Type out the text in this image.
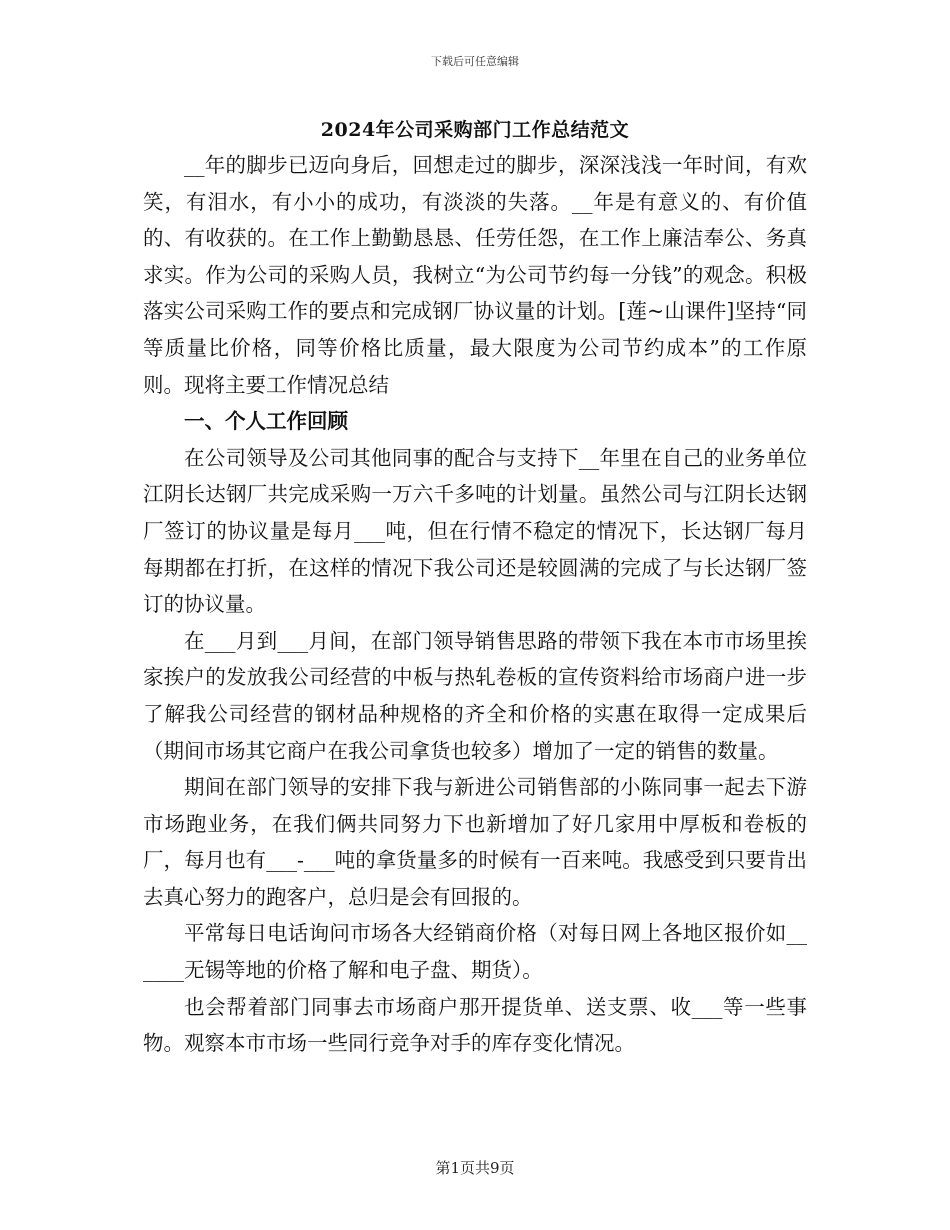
下载后可任意编辑
2024年公司采购部门工作总结范文

__年的脚步已迈向身后，回想走过的脚步，深深浅浅一年时间，有欢笑，有泪水，有小小的成功，有淡淡的失落。__年是有意义的、有价值的、有收获的。在工作上勤勤恳恳、任劳任怨，在工作上廉洁奉公、务真求实。作为公司的采购人员，我树立“为公司节约每一分钱”的观念。积极落实公司采购工作的要点和完成钢厂协议量的计划。[莲~山课件]坚持“同等质量比价格，同等价格比质量，最大限度为公司节约成本”的工作原则。现将主要工作情况总结

一、个人工作回顾

在公司领导及公司其他同事的配合与支持下__年里在自己的业务单位江阴长达钢厂共完成采购一万六千多吨的计划量。虽然公司与江阴长达钢厂签订的协议量是每月___吨，但在行情不稳定的情况下，长达钢厂每月每期都在打折，在这样的情况下我公司还是较圆满的完成了与长达钢厂签订的协议量。

在___月到___月间，在部门领导销售思路的带领下我在本市市场里挨家挨户的发放我公司经营的中板与热轧卷板的宣传资料给市场商户进一步了解我公司经营的钢材品种规格的齐全和价格的实惠在取得一定成果后（期间市场其它商户在我公司拿货也较多）增加了一定的销售的数量。

期间在部门领导的安排下我与新进公司销售部的小陈同事一起去下游市场跑业务，在我们俩共同努力下也新增加了好几家用中厚板和卷板的厂，每月也有___-___吨的拿货量多的时候有一百来吨。我感受到只要肯出去真心努力的跑客户，总归是会有回报的。

平常每日电话询问市场各大经销商价格（对每日网上各地区报价如______无锡等地的价格了解和电子盘、期货）。

也会帮着部门同事去市场商户那开提货单、送支票、收___等一些事物。观察本市市场一些同行竞争对手的库存变化情况。

第1页共9页
